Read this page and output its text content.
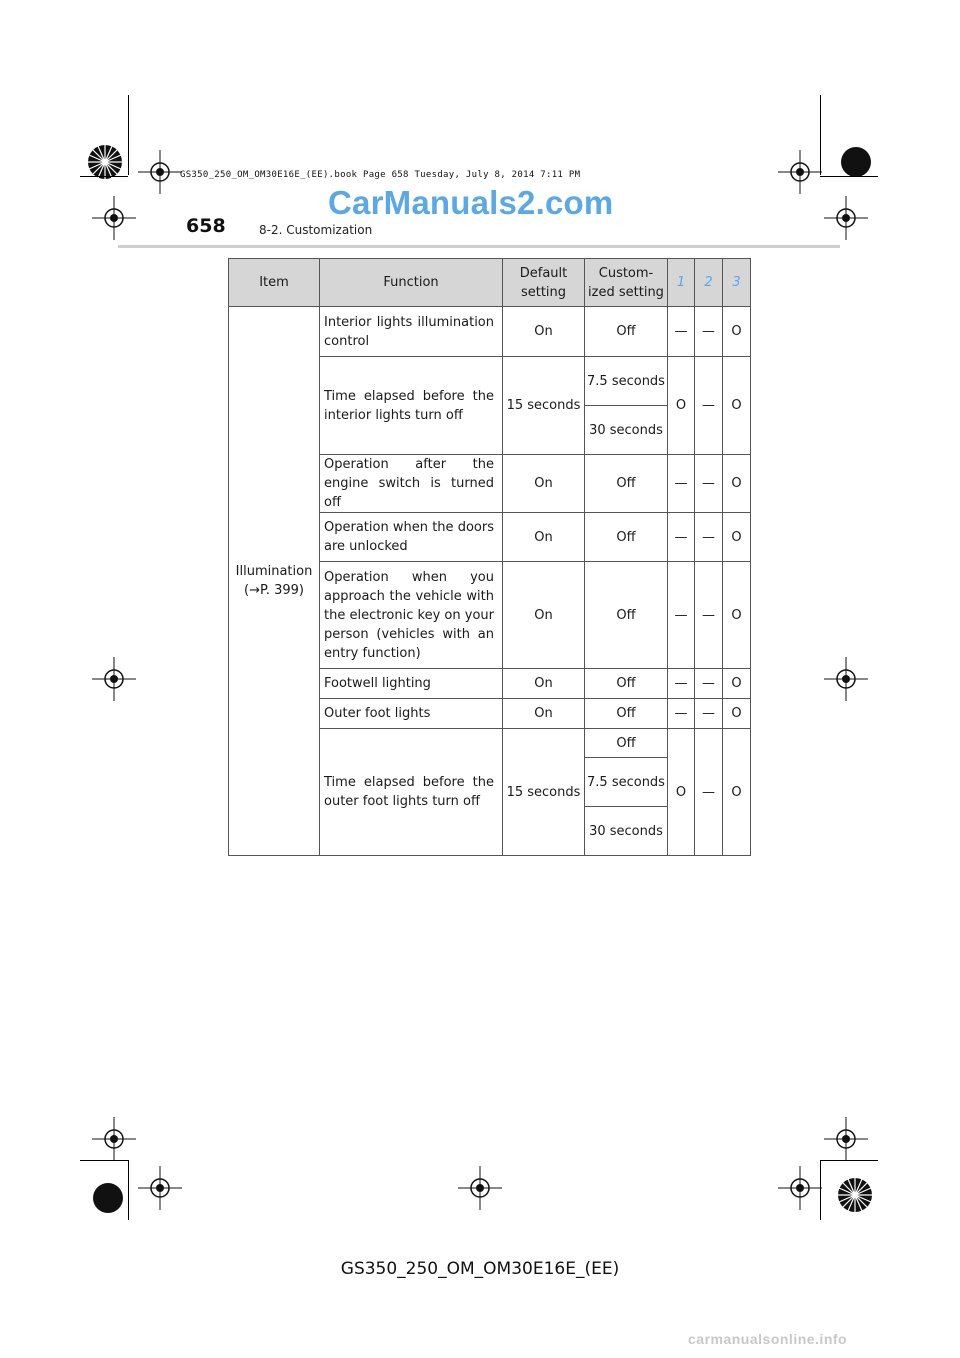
GS350_250_OM_OM30E16E_(EE).book Page 658 Tuesday, July 8, 2014 7:11 PM
CarManuals2.com
658	8-2. Customization
Item	Function	Default setting	Custom-ized setting	1	2	3
Illumination (→P. 399)	Interior lights illumination control	On	Off	—	—	O
	Time elapsed before the interior lights turn off	15 seconds	7.5 seconds	O	—	O
			30 seconds			
	Operation after the engine switch is turned off	On	Off	—	—	O
	Operation when the doors are unlocked	On	Off	—	—	O
	Operation when you approach the vehicle with the electronic key on your person (vehicles with an entry function)	On	Off	—	—	O
	Footwell lighting	On	Off	—	—	O
	Outer foot lights	On	Off	—	—	O
	Time elapsed before the outer foot lights turn off	15 seconds	Off	O	—	O
			7.5 seconds			
			30 seconds			
GS350_250_OM_OM30E16E_(EE)
carmanualsonline.info
